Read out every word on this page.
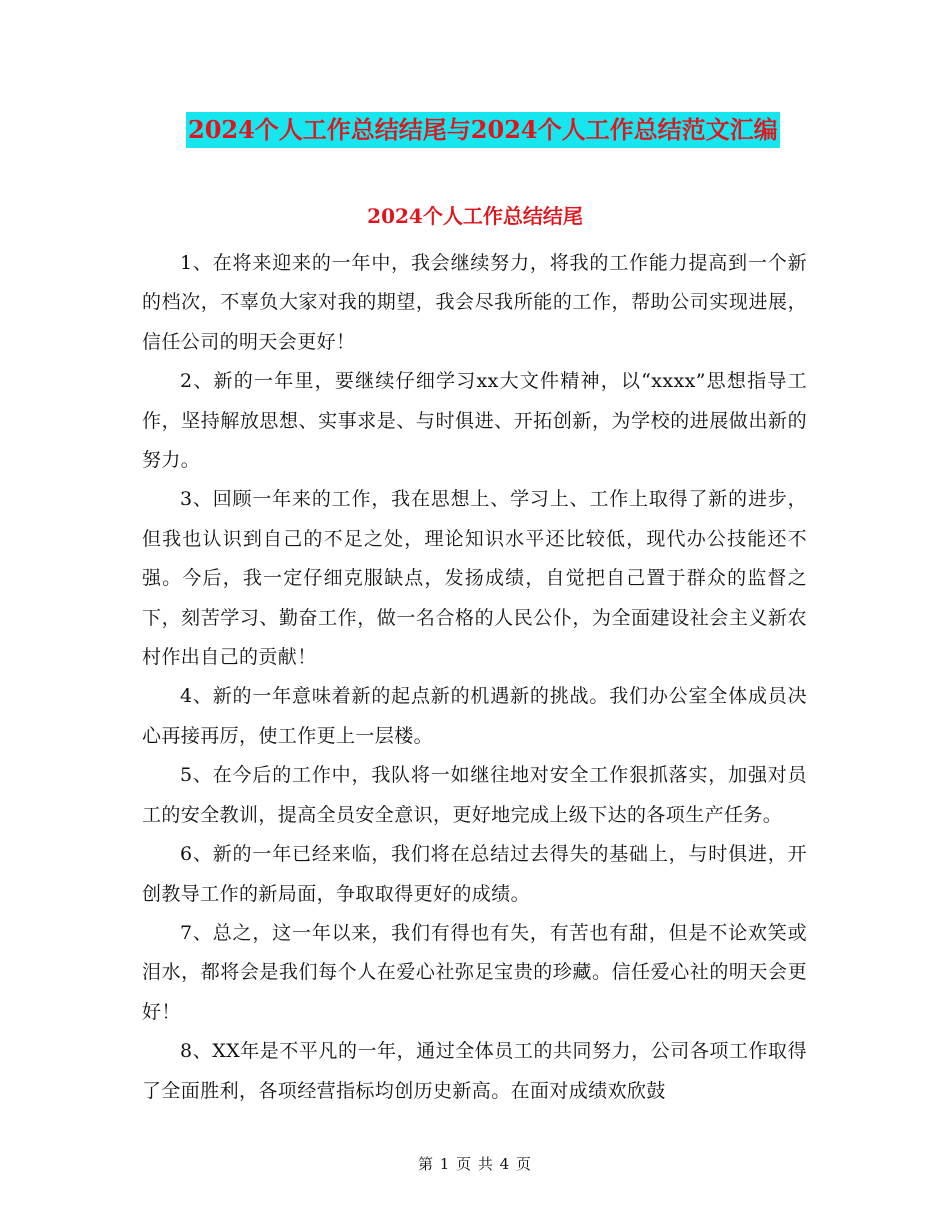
2024个人工作总结结尾与2024个人工作总结范文汇编
2024个人工作总结结尾

1、在将来迎来的一年中，我会继续努力，将我的工作能力提高到一个新的档次，不辜负大家对我的期望，我会尽我所能的工作，帮助公司实现进展，信任公司的明天会更好！

2、新的一年里，要继续仔细学习xx大文件精神，以“xxxx”思想指导工作，坚持解放思想、实事求是、与时俱进、开拓创新，为学校的进展做出新的努力。

3、回顾一年来的工作，我在思想上、学习上、工作上取得了新的进步，但我也认识到自己的不足之处，理论知识水平还比较低，现代办公技能还不强。今后，我一定仔细克服缺点，发扬成绩，自觉把自己置于群众的监督之下，刻苦学习、勤奋工作，做一名合格的人民公仆，为全面建设社会主义新农村作出自己的贡献！

4、新的一年意味着新的起点新的机遇新的挑战。我们办公室全体成员决心再接再厉，使工作更上一层楼。

5、在今后的工作中，我队将一如继往地对安全工作狠抓落实，加强对员工的安全教训，提高全员安全意识，更好地完成上级下达的各项生产任务。

6、新的一年已经来临，我们将在总结过去得失的基础上，与时俱进，开创教导工作的新局面，争取取得更好的成绩。

7、总之，这一年以来，我们有得也有失，有苦也有甜，但是不论欢笑或泪水，都将会是我们每个人在爱心社弥足宝贵的珍藏。信任爱心社的明天会更好！

8、XX年是不平凡的一年，通过全体员工的共同努力，公司各项工作取得了全面胜利，各项经营指标均创历史新高。在面对成绩欢欣鼓

第 1 页 共 4 页
